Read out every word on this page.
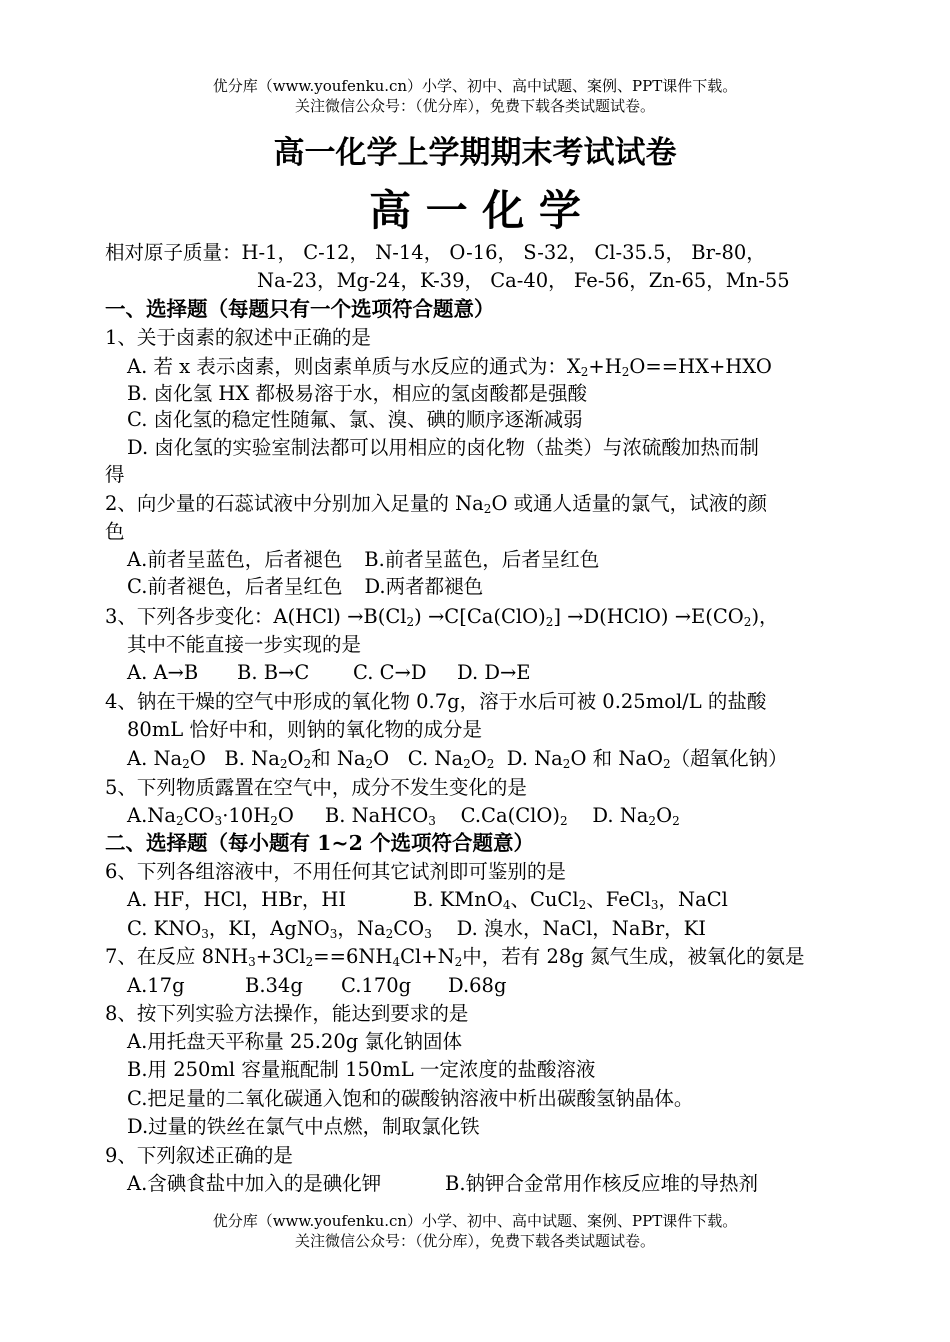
优分库（www.youfenku.cn）小学、初中、高中试题、案例、PPT课件下载。
关注微信公众号：（优分库），免费下载各类试题试卷。
高一化学上学期期末考试试卷
高 一 化 学
相对原子质量：H-1， C-12， N-14， O-16， S-32， Cl-35.5， Br-80，
Na-23，Mg-24，K-39， Ca-40， Fe-56，Zn-65，Mn-55
一、选择题（每题只有一个选项符合题意）
1、关于卤素的叙述中正确的是
A. 若 x 表示卤素，则卤素单质与水反应的通式为：$X_2+H_2O==HX+HXO$
B. 卤化氢 HX 都极易溶于水，相应的氢卤酸都是强酸
C. 卤化氢的稳定性随氟、氯、溴、碘的顺序逐渐减弱
D. 卤化氢的实验室制法都可以用相应的卤化物（盐类）与浓硫酸加热而制
得
2、向少量的石蕊试液中分别加入足量的 $Na_2O$ 或通人适量的氯气，试液的颜
色
A.前者呈蓝色，后者褪色 B.前者呈蓝色，后者呈红色
C.前者褪色，后者呈红色 D.两者都褪色
3、下列各步变化：$A(HCl) \to B(Cl_2) \to C[Ca(ClO)_2]$ →D(HClO) $\to E(CO_2)$，
其中不能直接一步实现的是
A. A→B B. B→C C. C→D D. D→E
4、钠在干燥的空气中形成的氧化物 0.7g，溶于水后可被 0.25mol/L 的盐酸
80mL 恰好中和，则钠的氧化物的成分是
A. $Na_2O$ B. $Na_2O_2$和 $Na_2O$ C. $Na_2O_2$ D. $Na_2O$ 和 NaO$_2$（超氧化钠）
5、下列物质露置在空气中，成分不发生变化的是
$A.Na_2CO_3\cdot 10H_2O$ B. NaHCO$_3$ $C.Ca(ClO)_2$ D. $Na_2O_2$
二、选择题（每小题有 1~2 个选项符合题意）
6、下列各组溶液中，不用任何其它试剂即可鉴别的是
A. HF，HCl，HBr，HI	B. KMnO$_4$、CuCl$_2$、FeCl$_3$，NaCl
C. $KNO_3$，KI，AgNO$_3$，$Na_2CO_3$ D. 溴水，NaCl，NaBr，KI
7、在反应 $8NH_3+3Cl_2==6NH_4Cl+N_2$中，若有 28g 氮气生成，被氧化的氨是
A.17g	B.34g C.170g D.68g
8、按下列实验方法操作，能达到要求的是
A.用托盘天平称量 25.20g 氯化钠固体
B.用 250ml 容量瓶配制 150mL 一定浓度的盐酸溶液
C.把足量的二氧化碳通入饱和的碳酸钠溶液中析出碳酸氢钠晶体。
D.过量的铁丝在氯气中点燃，制取氯化铁
9、下列叙述正确的是
A.含碘食盐中加入的是碘化钾	B.钠钾合金常用作核反应堆的导热剂
优分库（www.youfenku.cn）小学、初中、高中试题、案例、PPT课件下载。
关注微信公众号：（优分库），免费下载各类试题试卷。
